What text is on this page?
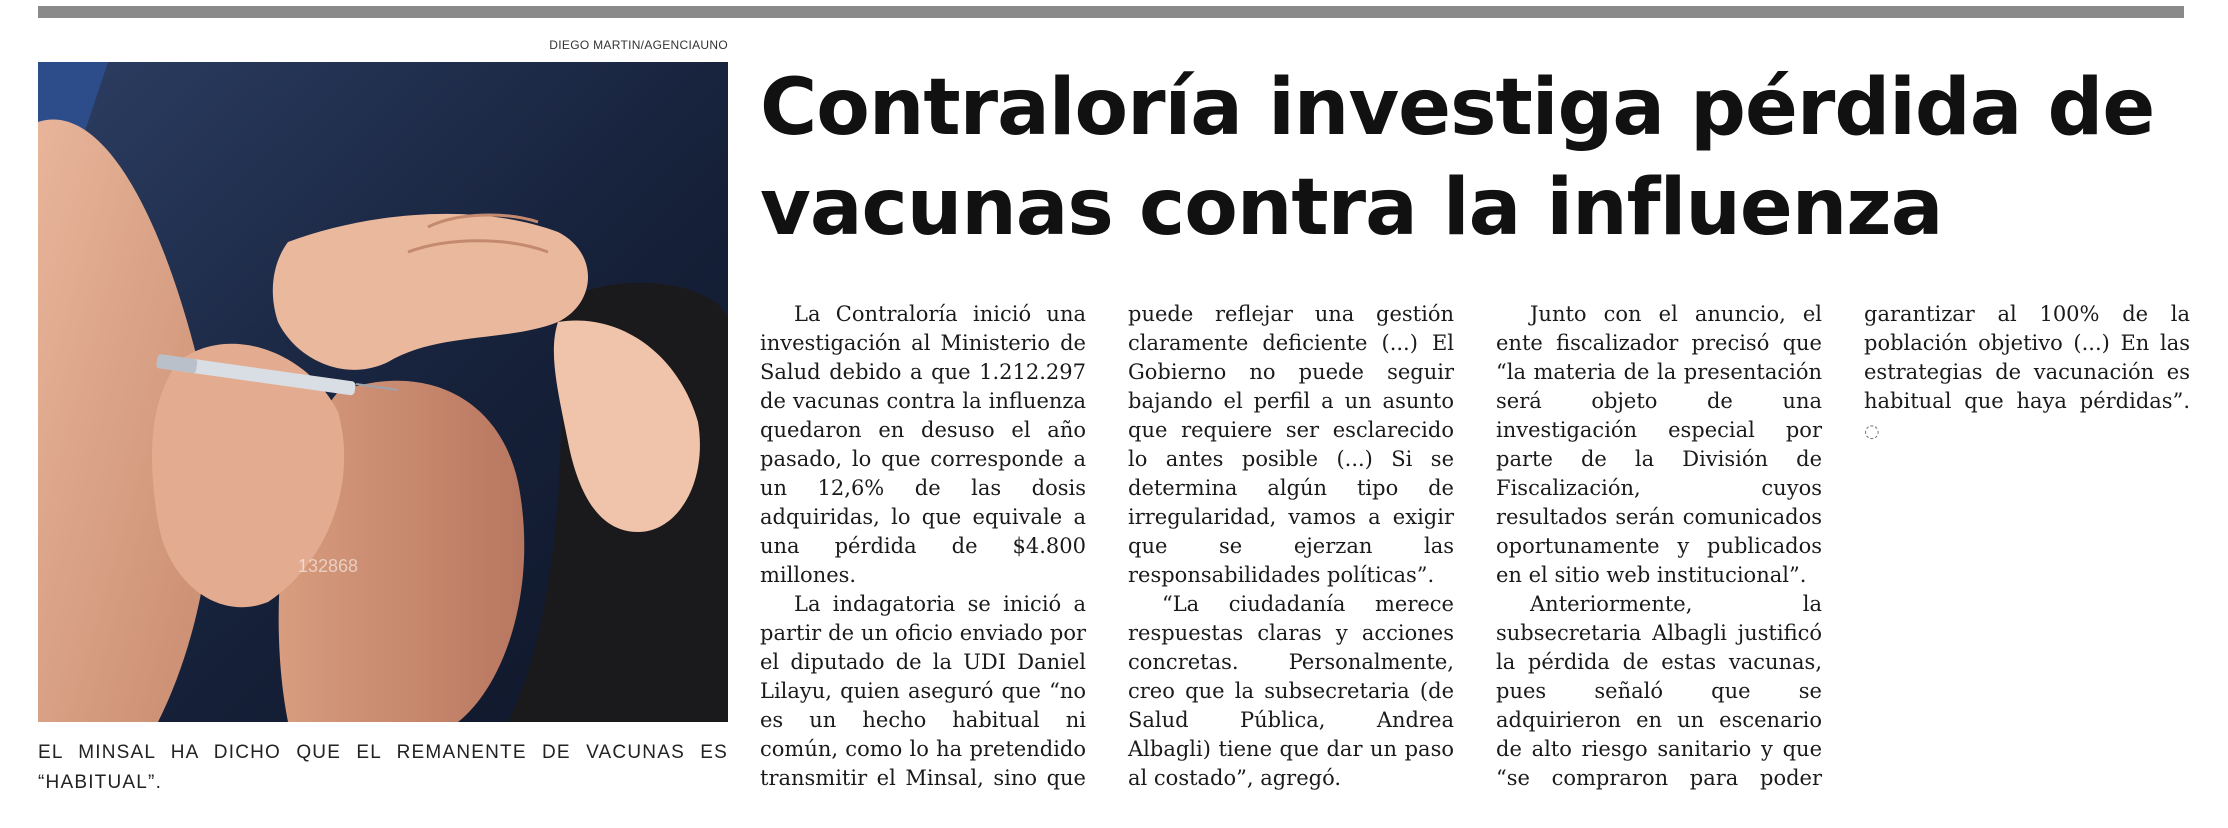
DIEGO MARTIN/AGENCIAUNO
132868
EL MINSAL HA DICHO QUE EL REMANENTE DE VACUNAS ES “HABITUAL”.
Contraloría investiga pérdida de vacunas contra la influenza

La Contraloría inició una investigación al Ministerio de Salud debido a que 1.212.297 de vacunas contra la influenza quedaron en desuso el año pasado, lo que corresponde a un 12,6% de las dosis adquiridas, lo que equivale a una pérdida de $4.800 millones.

La indagatoria se inició a partir de un oficio enviado por el diputado de la UDI Daniel Lilayu, quien aseguró que “no es un hecho habitual ni común, como lo ha pretendido transmitir el Minsal, sino que puede reflejar una gestión claramente deficiente (...) El Gobierno no puede seguir bajando el perfil a un asunto que requiere ser esclarecido lo antes posible (...) Si se determina algún tipo de irregularidad, vamos a exigir que se ejerzan las responsabilidades políticas”.

“La ciudadanía merece respuestas claras y acciones concretas. Personalmente, creo que la subsecretaria (de Salud Pública, Andrea Albagli) tiene que dar un paso al costado”, agregó.

Junto con el anuncio, el ente fiscalizador precisó que “la materia de la presentación será objeto de una investigación especial por parte de la División de Fiscalización, cuyos resultados serán comunicados oportunamente y publicados en el sitio web institucional”.

Anteriormente, la subsecretaria Albagli justificó la pérdida de estas vacunas, pues señaló que se adquirieron en un escenario de alto riesgo sanitario y que “se compraron para poder garantizar al 100% de la población objetivo (...) En las estrategias de vacunación es habitual que haya pérdidas”. ◌
